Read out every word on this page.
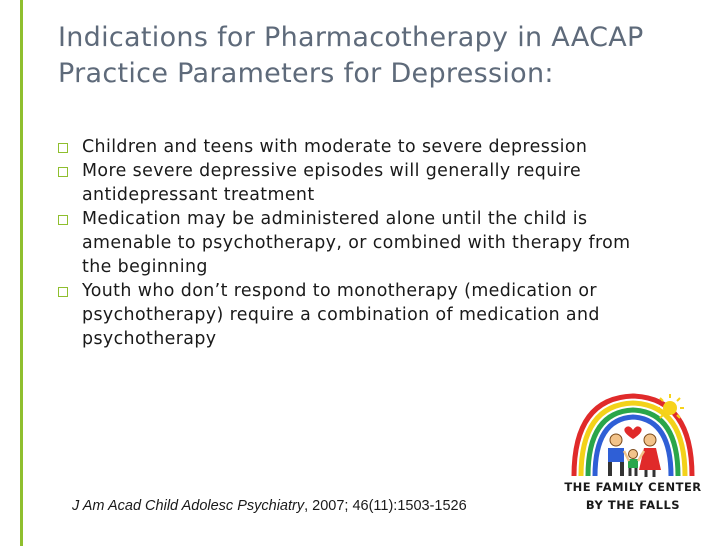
Indications for Pharmacotherapy in AACAP
Practice Parameters for Depression:
Children and teens with moderate to severe depression
More severe depressive episodes will generally require
antidepressant treatment
Medication may be administered alone until the child is
amenable to psychotherapy, or combined with therapy from
the beginning
Youth who don’t respond to monotherapy (medication or
psychotherapy) require a combination of medication and
psychotherapy
THE FAMILY CENTER
BY THE FALLS
J Am Acad Child Adolesc Psychiatry, 2007; 46(11):1503-1526
